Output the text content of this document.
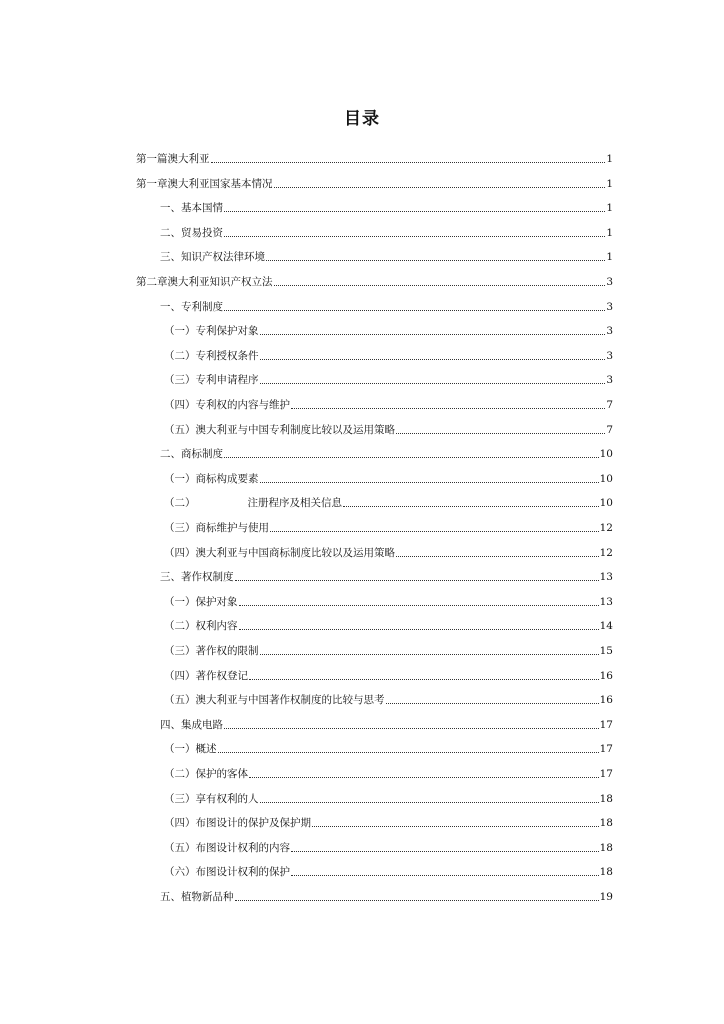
目录
第一篇澳大利亚	1
第一章澳大利亚国家基本情况	1
一、基本国情	1
二、贸易投资	1
三、知识产权法律环境	1
第二章澳大利亚知识产权立法	3
一、专利制度	3
（一）专利保护对象	3
（二）专利授权条件	3
（三）专利申请程序	3
（四）专利权的内容与维护	7
（五）澳大利亚与中国专利制度比较以及运用策略	7
二、商标制度	10
（一）商标构成要素	10
（二）	注册程序及相关信息	10
（三）商标维护与使用	12
（四）澳大利亚与中国商标制度比较以及运用策略	12
三、著作权制度	13
（一）保护对象	13
（二）权利内容	14
（三）著作权的限制	15
（四）著作权登记	16
（五）澳大利亚与中国著作权制度的比较与思考	16
四、集成电路	17
（一）概述	17
（二）保护的客体	17
（三）享有权利的人	18
（四）布图设计的保护及保护期	18
（五）布图设计权利的内容	18
（六）布图设计权利的保护	18
五、植物新品种	19
